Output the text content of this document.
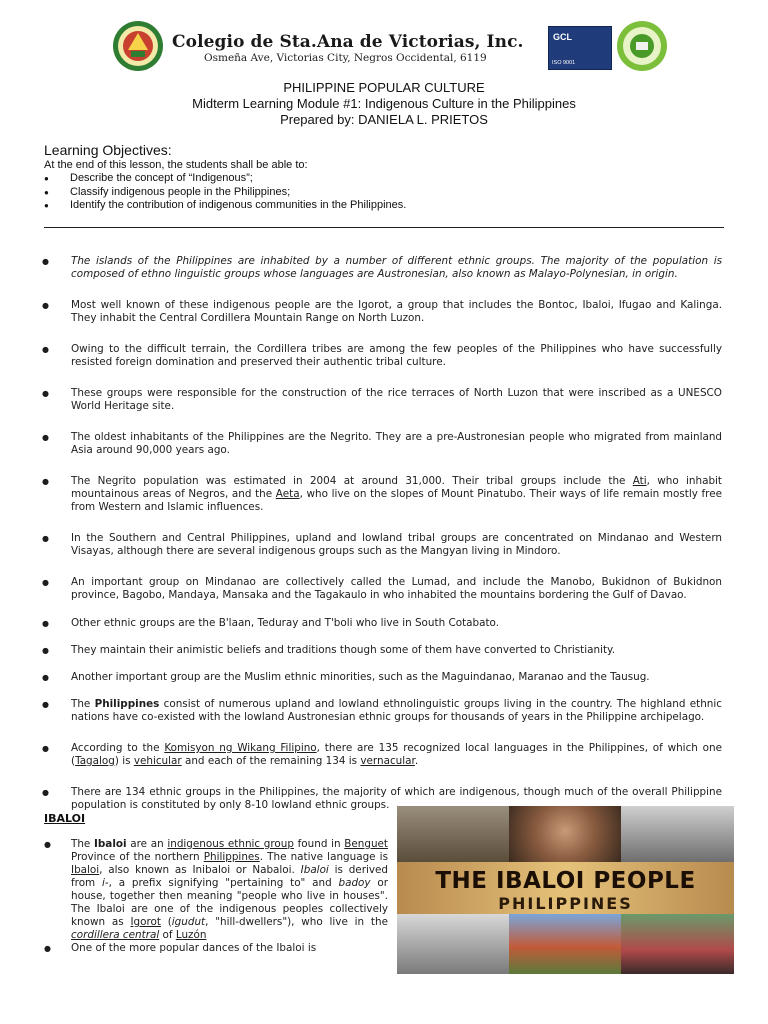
Colegio de Sta.Ana de Victorias, Inc.
Osmeña Ave, Victorias City, Negros Occidental, 6119
GCL
ISO 9001
PHILIPPINE POPULAR CULTURE
Midterm Learning Module #1: Indigenous Culture in the Philippines
Prepared by: DANIELA L. PRIETOS
Learning Objectives:
At the end of this lesson, the students shall be able to:
● Describe the concept of “Indigenous”;
● Classify indigenous people in the Philippines;
● Identify the contribution of indigenous communities in the Philippines.
● The islands of the Philippines are inhabited by a number of different ethnic groups. The majority of the population is composed of ethno linguistic groups whose languages are Austronesian, also known as Malayo-Polynesian, in origin.
● Most well known of these indigenous people are the Igorot, a group that includes the Bontoc, Ibaloi, Ifugao and Kalinga. They inhabit the Central Cordillera Mountain Range on North Luzon.
● Owing to the difficult terrain, the Cordillera tribes are among the few peoples of the Philippines who have successfully resisted foreign domination and preserved their authentic tribal culture.
● These groups were responsible for the construction of the rice terraces of North Luzon that were inscribed as a UNESCO World Heritage site.
● The oldest inhabitants of the Philippines are the Negrito. They are a pre-Austronesian people who migrated from mainland Asia around 90,000 years ago.
● The Negrito population was estimated in 2004 at around 31,000. Their tribal groups include the Ati, who inhabit mountainous areas of Negros, and the Aeta, who live on the slopes of Mount Pinatubo. Their ways of life remain mostly free from Western and Islamic influences.
● In the Southern and Central Philippines, upland and lowland tribal groups are concentrated on Mindanao and Western Visayas, although there are several indigenous groups such as the Mangyan living in Mindoro.
● An important group on Mindanao are collectively called the Lumad, and include the Manobo, Bukidnon of Bukidnon province, Bagobo, Mandaya, Mansaka and the Tagakaulo in who inhabited the mountains bordering the Gulf of Davao.
● Other ethnic groups are the B'laan, Teduray and T'boli who live in South Cotabato.
● They maintain their animistic beliefs and traditions though some of them have converted to Christianity.
● Another important group are the Muslim ethnic minorities, such as the Maguindanao, Maranao and the Tausug.
● The Philippines consist of numerous upland and lowland ethnolinguistic groups living in the country. The highland ethnic nations have co-existed with the lowland Austronesian ethnic groups for thousands of years in the Philippine archipelago.
● According to the Komisyon ng Wikang Filipino, there are 135 recognized local languages in the Philippines, of which one (Tagalog) is vehicular and each of the remaining 134 is vernacular.
● There are 134 ethnic groups in the Philippines, the majority of which are indigenous, though much of the overall Philippine population is constituted by only 8-10 lowland ethnic groups.
IBALOI
● The Ibaloi are an indigenous ethnic group found in Benguet Province of the northern Philippines. The native language is Ibaloi, also known as Inibaloi or Nabaloi. Ibaloi is derived from i-, a prefix signifying "pertaining to" and badoy or house, together then meaning "people who live in houses". The Ibaloi are one of the indigenous peoples collectively known as Igorot (igudut, "hill-dwellers"), who live in the cordillera central of Luzón
● One of the more popular dances of the Ibaloi is
THE IBALOI PEOPLE
PHILIPPINES
